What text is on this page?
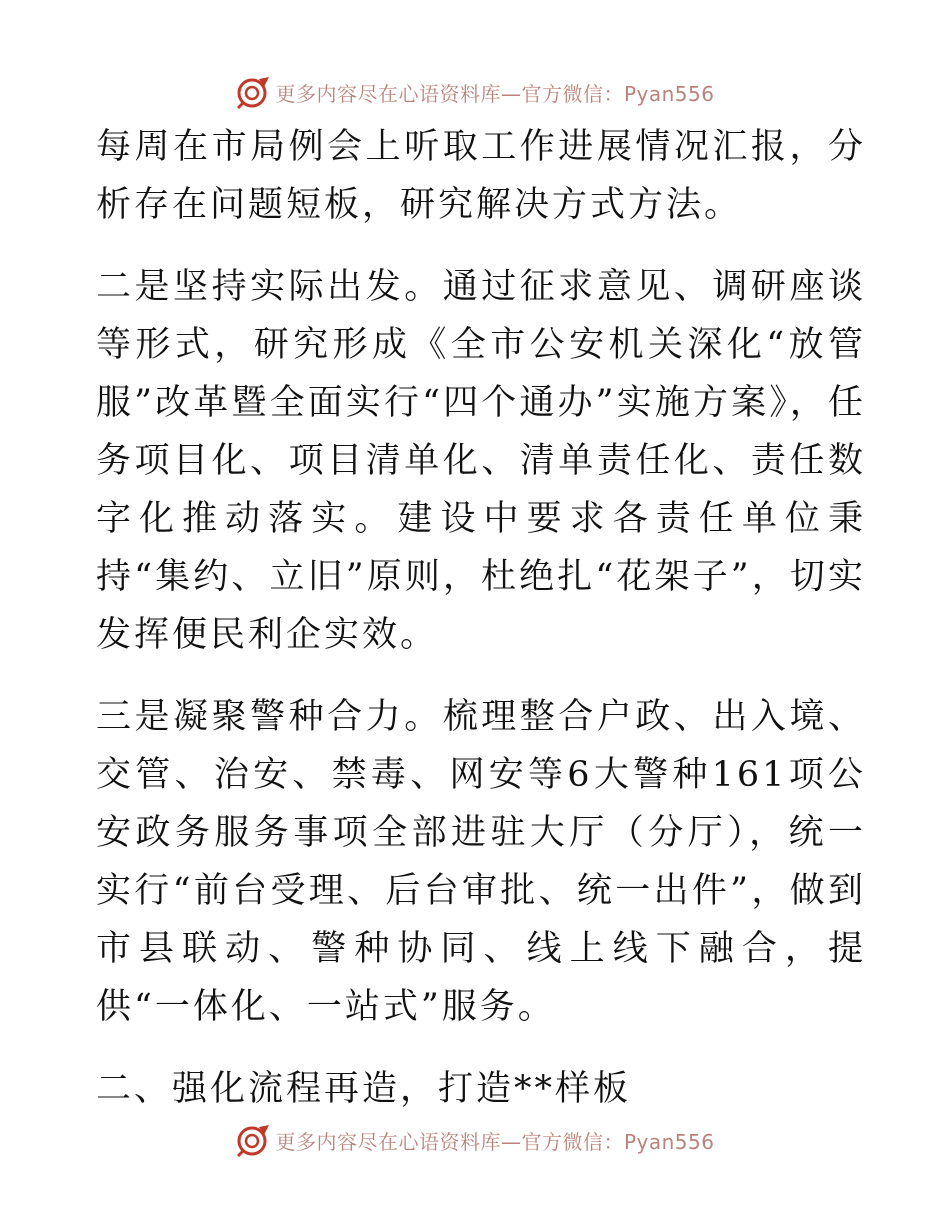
更多内容尽在心语资料库—官方微信：Pyan556

每周在市局例会上听取工作进展情况汇报，分析存在问题短板，研究解决方式方法。

二是坚持实际出发。通过征求意见、调研座谈等形式，研究形成《全市公安机关深化“放管服”改革暨全面实行“四个通办”实施方案》，任务项目化、项目清单化、清单责任化、责任数字化推动落实。建设中要求各责任单位秉持“集约、立旧”原则，杜绝扎“花架子”，切实发挥便民利企实效。

三是凝聚警种合力。梳理整合户政、出入境、交管、治安、禁毒、网安等6大警种161项公安政务服务事项全部进驻大厅（分厅），统一实行“前台受理、后台审批、统一出件”，做到市县联动、警种协同、线上线下融合，提供“一体化、一站式”服务。

二、强化流程再造，打造**样板

更多内容尽在心语资料库—官方微信：Pyan556
